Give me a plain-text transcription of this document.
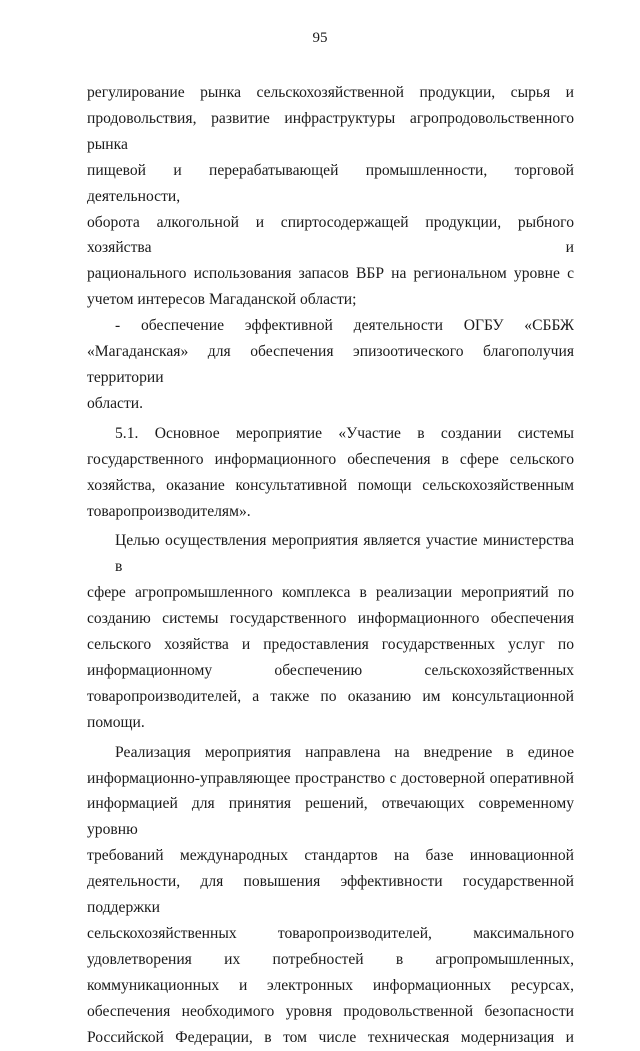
95

регулирование рынка сельскохозяйственной продукции, сырья и
продовольствия, развитие инфраструктуры агропродовольственного рынка
пищевой и перерабатывающей промышленности, торговой деятельности,
оборота алкогольной и спиртосодержащей продукции, рыбного хозяйства и
рационального использования запасов ВБР на региональном уровне с
учетом интересов Магаданской области;

- обеспечение эффективной деятельности ОГБУ «СББЖ
«Магаданская» для обеспечения эпизоотического благополучия территории
области.

5.1. Основное мероприятие «Участие в создании системы
государственного информационного обеспечения в сфере сельского
хозяйства, оказание консультативной помощи сельскохозяйственным
товаропроизводителям».

Целью осуществления мероприятия является участие министерства в
сфере агропромышленного комплекса в реализации мероприятий по
созданию системы государственного информационного обеспечения
сельского хозяйства и предоставления государственных услуг по
информационному обеспечению сельскохозяйственных
товаропроизводителей, а также по оказанию им консультационной помощи.

Реализация мероприятия направлена на внедрение в единое
информационно-управляющее пространство с достоверной оперативной
информацией для принятия решений, отвечающих современному уровню
требований международных стандартов на базе инновационной
деятельности, для повышения эффективности государственной поддержки
сельскохозяйственных товаропроизводителей, максимального
удовлетворения их потребностей в агропромышленных,
коммуникационных и электронных информационных ресурсах,
обеспечения необходимого уровня продовольственной безопасности
Российской Федерации, в том числе техническая модернизация и
